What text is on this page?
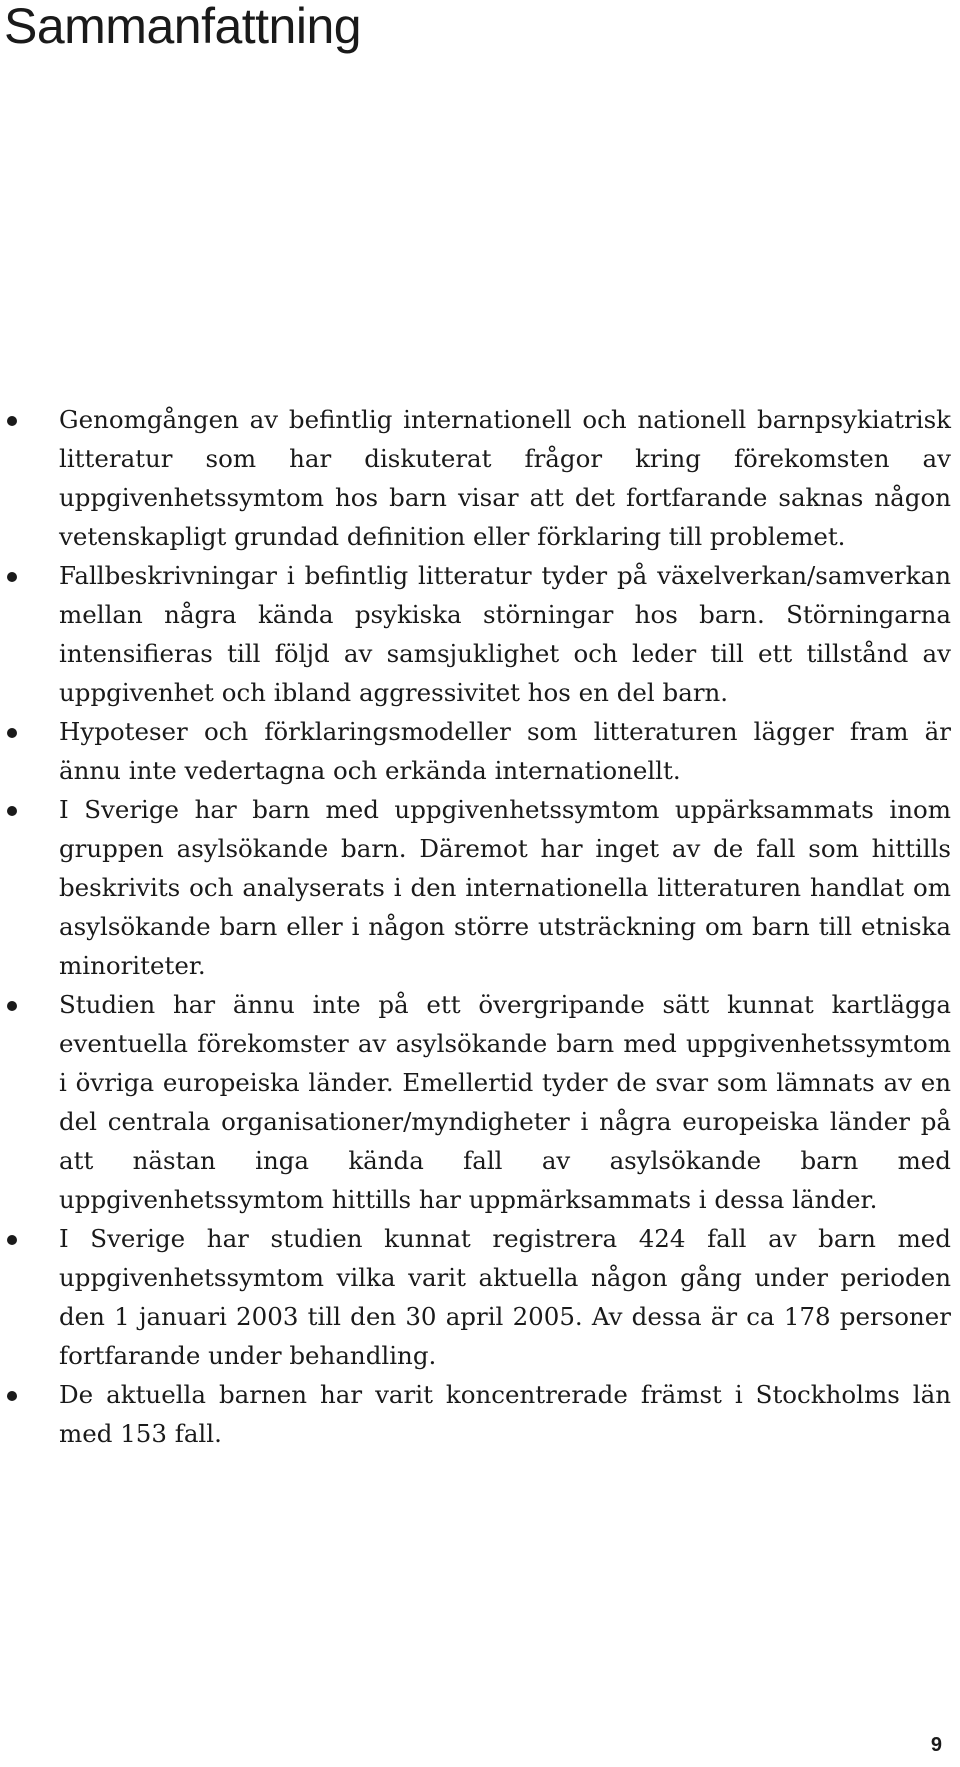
Sammanfattning
Genomgången av befintlig internationell och nationell barnpsykiatrisk litteratur som har diskuterat frågor kring förekomsten av uppgivenhetssymtom hos barn visar att det fortfarande saknas någon vetenskapligt grundad definition eller förklaring till problemet.
Fallbeskrivningar i befintlig litteratur tyder på växelverkan/samverkan mellan några kända psykiska störningar hos barn. Störningarna intensifieras till följd av samsjuklighet och leder till ett tillstånd av uppgivenhet och ibland aggressivitet hos en del barn.
Hypoteser och förklaringsmodeller som litteraturen lägger fram är ännu inte vedertagna och erkända internationellt.
I Sverige har barn med uppgivenhetssymtom uppärksammats inom gruppen asylsökande barn. Däremot har inget av de fall som hittills beskrivits och analyserats i den internationella litteraturen handlat om asylsökande barn eller i någon större utsträckning om barn till etniska minoriteter.
Studien har ännu inte på ett övergripande sätt kunnat kartlägga eventuella förekomster av asylsökande barn med uppgivenhetssymtom i övriga europeiska länder. Emellertid tyder de svar som lämnats av en del centrala organisationer/myndigheter i några europeiska länder på att nästan inga kända fall av asylsökande barn med uppgivenhetssymtom hittills har uppmärksammats i dessa länder.
I Sverige har studien kunnat registrera 424 fall av barn med uppgivenhetssymtom vilka varit aktuella någon gång under perioden den 1 januari 2003 till den 30 april 2005. Av dessa är ca 178 personer fortfarande under behandling.
De aktuella barnen har varit koncentrerade främst i Stockholms län med 153 fall.
9
